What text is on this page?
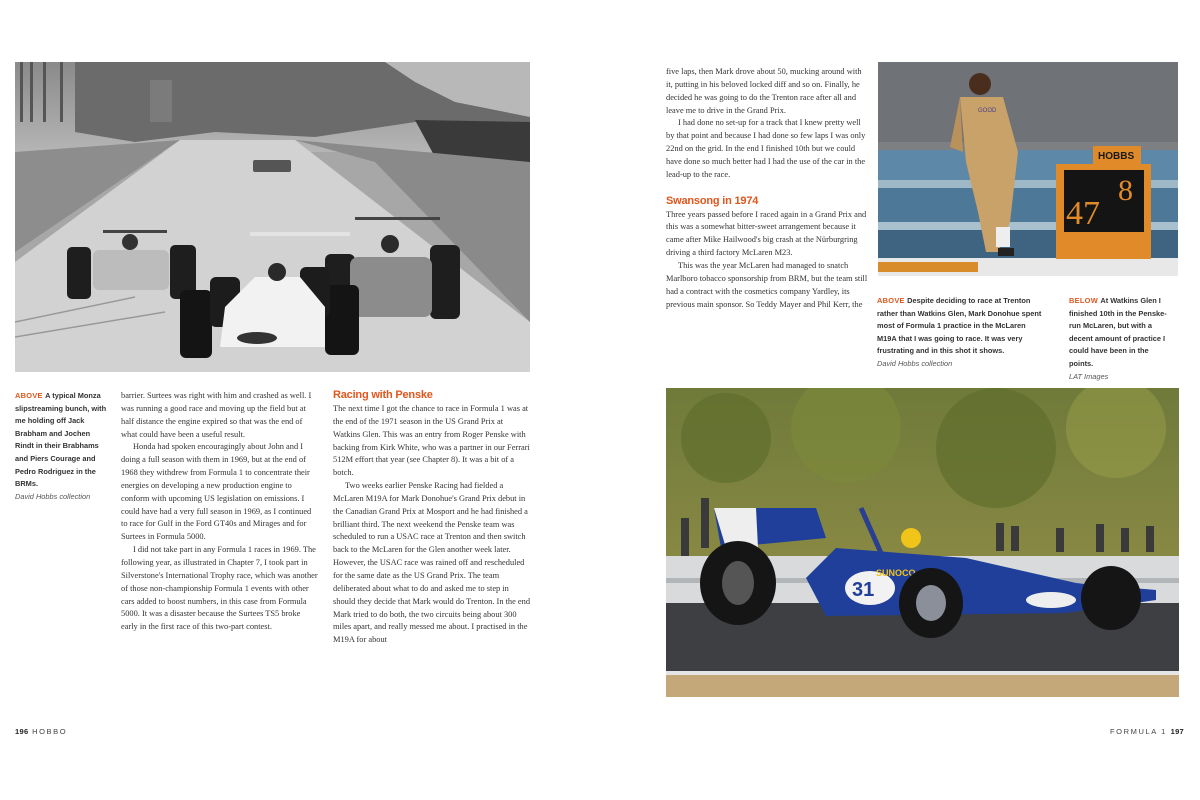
ABOVE A typical Monza slipstreaming bunch, with me holding off Jack Brabham and Jochen Rindt in their Brabhams and Piers Courage and Pedro Rodriguez in the BRMs.
David Hobbs collection

barrier. Surtees was right with him and crashed as well. I was running a good race and moving up the field but at half distance the engine expired so that was the end of what could have been a useful result.

Honda had spoken encouragingly about John and I doing a full season with them in 1969, but at the end of 1968 they withdrew from Formula 1 to concentrate their energies on developing a new production engine to conform with upcoming US legislation on emissions. I could have had a very full season in 1969, as I continued to race for Gulf in the Ford GT40s and Mirages and for Surtees in Formula 5000.

I did not take part in any Formula 1 races in 1969. The following year, as illustrated in Chapter 7, I took part in Silverstone's International Trophy race, which was another of those non-championship Formula 1 events with other cars added to boost numbers, in this case from Formula 5000. It was a disaster because the Surtees TS5 broke early in the first race of this two-part contest.

Racing with Penske

The next time I got the chance to race in Formula 1 was at the end of the 1971 season in the US Grand Prix at Watkins Glen. This was an entry from Roger Penske with backing from Kirk White, who was a partner in our Ferrari 512M effort that year (see Chapter 8). It was a bit of a botch.

Two weeks earlier Penske Racing had fielded a McLaren M19A for Mark Donohue's Grand Prix debut in the Canadian Grand Prix at Mosport and he had finished a brilliant third. The next weekend the Penske team was scheduled to run a USAC race at Trenton and then switch back to the McLaren for the Glen another week later. However, the USAC race was rained off and rescheduled for the same date as the US Grand Prix. The team deliberated about what to do and asked me to step in should they decide that Mark would do Trenton. In the end Mark tried to do both, the two circuits being about 300 miles apart, and really messed me about. I practised in the M19A for about

196 HOBBO

five laps, then Mark drove about 50, mucking around with it, putting in his beloved locked diff and so on. Finally, he decided he was going to do the Trenton race after all and leave me to drive in the Grand Prix.

I had done no set-up for a track that I knew pretty well by that point and because I had done so few laps I was only 22nd on the grid. In the end I finished 10th but we could have done so much better had I had the use of the car in the lead-up to the race.

Swansong in 1974

Three years passed before I raced again in a Grand Prix and this was a somewhat bitter-sweet arrangement because it came after Mike Hailwood's big crash at the Nürburgring driving a third factory McLaren M23.

This was the year McLaren had managed to snatch Marlboro tobacco sponsorship from BRM, but the team still had a contract with the cosmetics company Yardley, its previous main sponsor. So Teddy Mayer and Phil Kerr, the

GOOD
HOBBS
47
8
ABOVE Despite deciding to race at Trenton rather than Watkins Glen, Mark Donohue spent most of Formula 1 practice in the McLaren M19A that I was going to race. It was very frustrating and in this shot it shows.
David Hobbs collection
BELOW At Watkins Glen I finished 10th in the Penske-run McLaren, but with a decent amount of practice I could have been in the points.
LAT Images
31
SUNOCO
FORMULA 1 197
